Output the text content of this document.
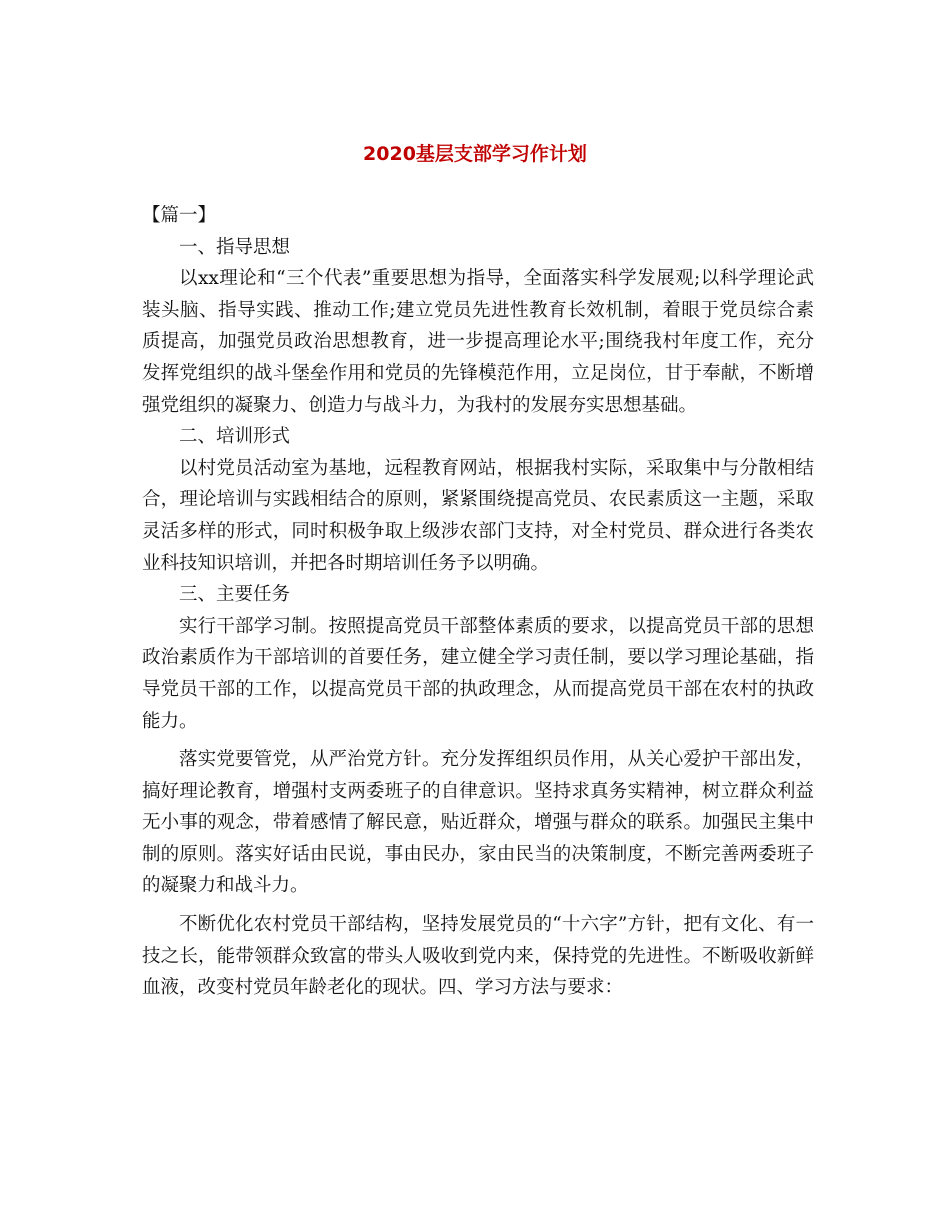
2020基层支部学习作计划

【篇一】

一、指导思想

以xx理论和“三个代表”重要思想为指导，全面落实科学发展观;以科学理论武装头脑、指导实践、推动工作;建立党员先进性教育长效机制，着眼于党员综合素质提高，加强党员政治思想教育，进一步提高理论水平;围绕我村年度工作，充分发挥党组织的战斗堡垒作用和党员的先锋模范作用，立足岗位，甘于奉献，不断增强党组织的凝聚力、创造力与战斗力，为我村的发展夯实思想基础。

二、培训形式

以村党员活动室为基地，远程教育网站，根据我村实际，采取集中与分散相结合，理论培训与实践相结合的原则，紧紧围绕提高党员、农民素质这一主题，采取灵活多样的形式，同时积极争取上级涉农部门支持，对全村党员、群众进行各类农业科技知识培训，并把各时期培训任务予以明确。

三、主要任务

实行干部学习制。按照提高党员干部整体素质的要求，以提高党员干部的思想政治素质作为干部培训的首要任务，建立健全学习责任制，要以学习理论基础，指导党员干部的工作，以提高党员干部的执政理念，从而提高党员干部在农村的执政能力。

落实党要管党，从严治党方针。充分发挥组织员作用，从关心爱护干部出发，搞好理论教育，增强村支两委班子的自律意识。坚持求真务实精神，树立群众利益无小事的观念，带着感情了解民意，贴近群众，增强与群众的联系。加强民主集中制的原则。落实好话由民说，事由民办，家由民当的决策制度，不断完善两委班子的凝聚力和战斗力。

不断优化农村党员干部结构，坚持发展党员的“十六字”方针，把有文化、有一技之长，能带领群众致富的带头人吸收到党内来，保持党的先进性。不断吸收新鲜血液，改变村党员年龄老化的现状。四、学习方法与要求：
